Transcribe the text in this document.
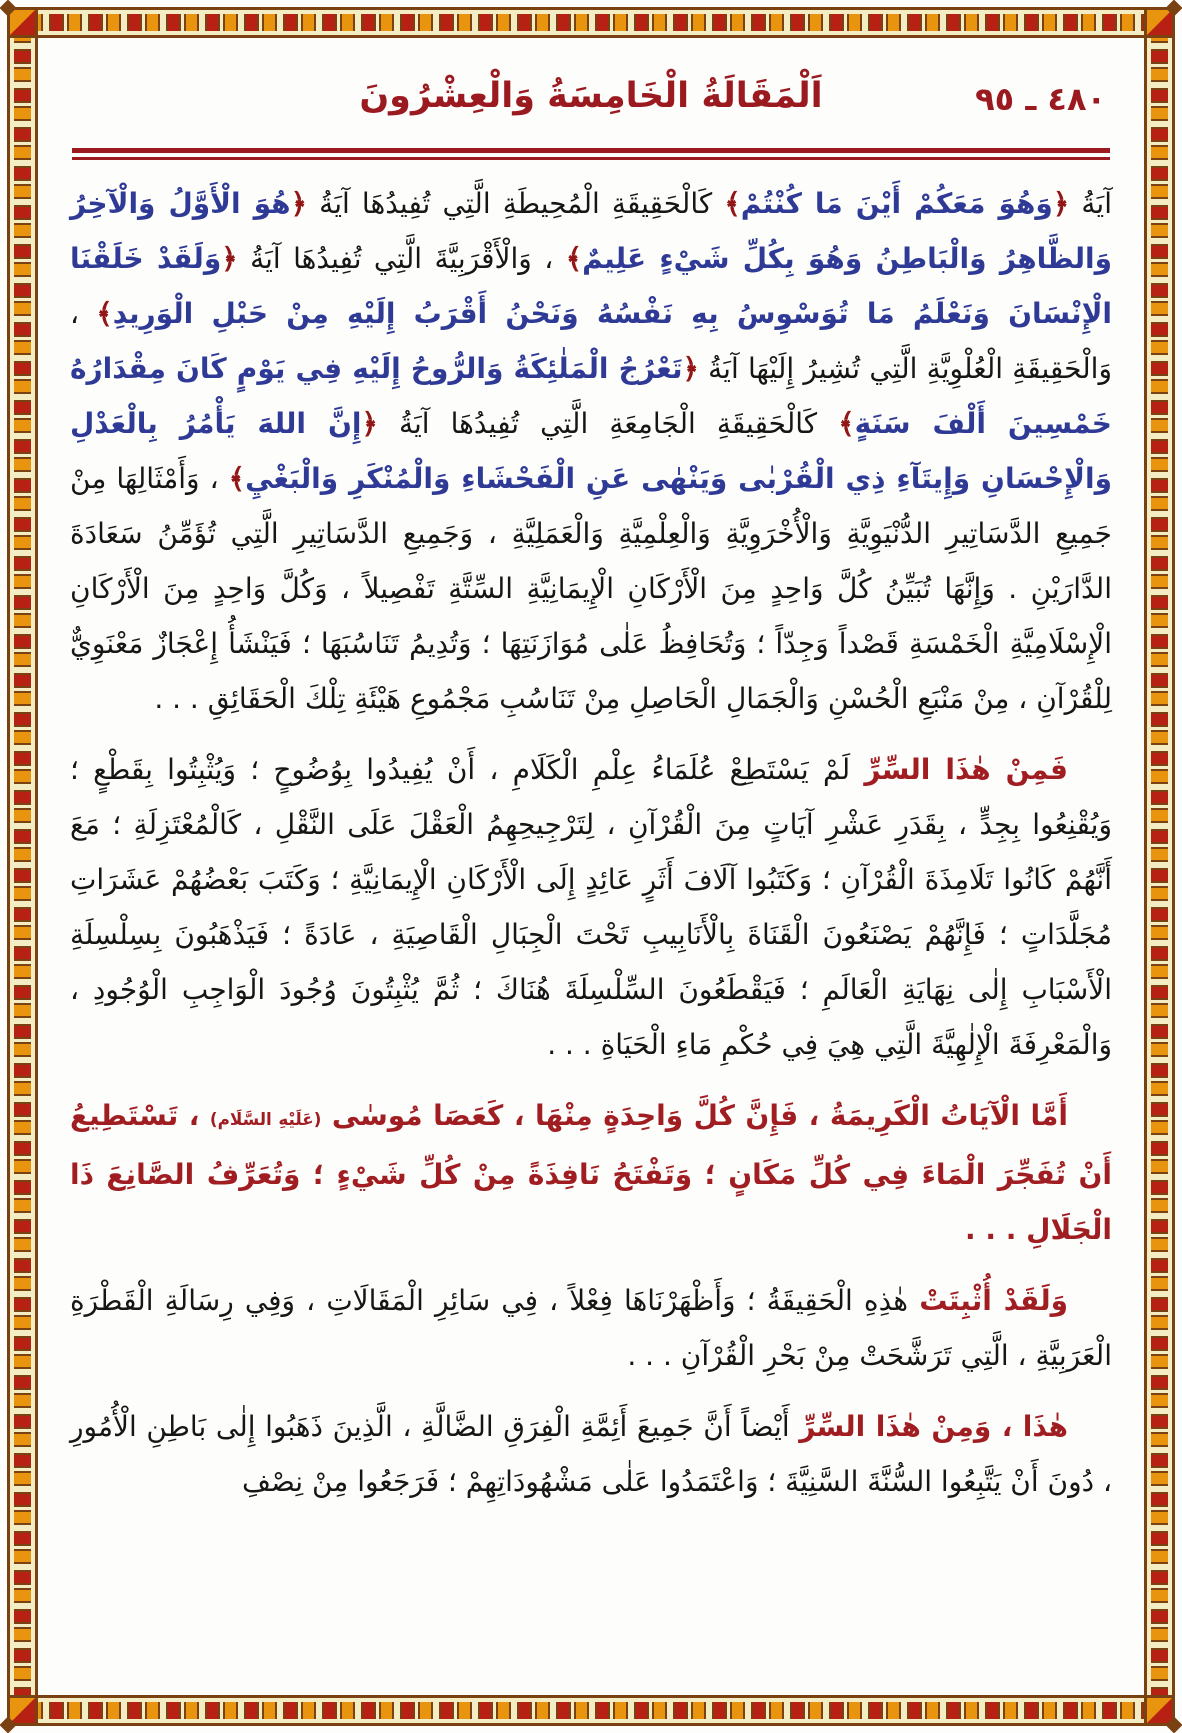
٤٨٠ ـ ٩٥
اَلْمَقَالَةُ الْخَامِسَةُ وَالْعِشْرُونَ

آيَةُ ﴿وَهُوَ مَعَكُمْ أَيْنَ مَا كُنْتُمْ﴾ كَالْحَقِيقَةِ الْمُحِيطَةِ الَّتِي تُفِيدُهَا آيَةُ ﴿هُوَ الْأَوَّلُ وَالْآخِرُ وَالظَّاهِرُ وَالْبَاطِنُ وَهُوَ بِكُلِّ شَيْءٍ عَلِيمٌ﴾ ، وَالْأَقْرَبِيَّةَ الَّتِي تُفِيدُهَا آيَةُ ﴿وَلَقَدْ خَلَقْنَا الْإِنْسَانَ وَنَعْلَمُ مَا تُوَسْوِسُ بِهِ نَفْسُهُ وَنَحْنُ أَقْرَبُ إِلَيْهِ مِنْ حَبْلِ الْوَرِيدِ﴾ ، وَالْحَقِيقَةِ الْعُلْوِيَّةِ الَّتِي تُشِيرُ إِلَيْهَا آيَةُ ﴿تَعْرُجُ الْمَلٰئِكَةُ وَالرُّوحُ إِلَيْهِ فِي يَوْمٍ كَانَ مِقْدَارُهُ خَمْسِينَ أَلْفَ سَنَةٍ﴾ كَالْحَقِيقَةِ الْجَامِعَةِ الَّتِي تُفِيدُهَا آيَةُ ﴿إِنَّ اللهَ يَأْمُرُ بِالْعَدْلِ وَالْإِحْسَانِ وَإِيتَآءِ ذِي الْقُرْبٰى وَيَنْهٰى عَنِ الْفَحْشَاءِ وَالْمُنْكَرِ وَالْبَغْيِ﴾ ، وَأَمْثَالِهَا مِنْ جَمِيعِ الدَّسَاتِيرِ الدُّنْيَوِيَّةِ وَالْأُخْرَوِيَّةِ وَالْعِلْمِيَّةِ وَالْعَمَلِيَّةِ ، وَجَمِيعِ الدَّسَاتِيرِ الَّتِي تُؤَمِّنُ سَعَادَةَ الدَّارَيْنِ . وَإِنَّهَا تُبَيِّنُ كُلَّ وَاحِدٍ مِنَ الْأَرْكَانِ الْإِيمَانِيَّةِ السِّتَّةِ تَفْصِيلاً ، وَكُلَّ وَاحِدٍ مِنَ الْأَرْكَانِ الْإِسْلَامِيَّةِ الْخَمْسَةِ قَصْداً وَجِدّاً ؛ وَتُحَافِظُ عَلٰى مُوَازَنَتِهَا ؛ وَتُدِيمُ تَنَاسُبَهَا ؛ فَيَنْشَأُ إِعْجَازٌ مَعْنَوِيٌّ لِلْقُرْآنِ ، مِنْ مَنْبَعِ الْحُسْنِ وَالْجَمَالِ الْحَاصِلِ مِنْ تَنَاسُبِ مَجْمُوعِ هَيْئَةِ تِلْكَ الْحَقَائِقِ . . .

فَمِنْ هٰذَا السِّرِّ لَمْ يَسْتَطِعْ عُلَمَاءُ عِلْمِ الْكَلَامِ ، أَنْ يُفِيدُوا بِوُضُوحٍ ؛ وَيُثْبِتُوا بِقَطْعٍ ؛ وَيُقْنِعُوا بِجِدٍّ ، بِقَدَرِ عَشْرِ آيَاتٍ مِنَ الْقُرْآنِ ، لِتَرْجِيحِهِمُ الْعَقْلَ عَلَى النَّقْلِ ، كَالْمُعْتَزِلَةِ ؛ مَعَ أَنَّهُمْ كَانُوا تَلَامِذَةَ الْقُرْآنِ ؛ وَكَتَبُوا آلَافَ أَثَرٍ عَائِدٍ إِلَى الْأَرْكَانِ الْإِيمَانِيَّةِ ؛ وَكَتَبَ بَعْضُهُمْ عَشَرَاتِ مُجَلَّدَاتٍ ؛ فَإِنَّهُمْ يَصْنَعُونَ الْقَنَاةَ بِالْأَنَابِيبِ تَحْتَ الْجِبَالِ الْقَاصِيَةِ ، عَادَةً ؛ فَيَذْهَبُونَ بِسِلْسِلَةِ الْأَسْبَابِ إِلٰى نِهَايَةِ الْعَالَمِ ؛ فَيَقْطَعُونَ السِّلْسِلَةَ هُنَاكَ ؛ ثُمَّ يُثْبِتُونَ وُجُودَ الْوَاجِبِ الْوُجُودِ ، وَالْمَعْرِفَةَ الْإِلٰهِيَّةَ الَّتِي هِيَ فِي حُكْمِ مَاءِ الْحَيَاةِ . . .

أَمَّا الْآيَاتُ الْكَرِيمَةُ ، فَإِنَّ كُلَّ وَاحِدَةٍ مِنْهَا ، كَعَصَا مُوسٰى (عَلَيْهِ السَّلَام) ، تَسْتَطِيعُ أَنْ تُفَجِّرَ الْمَاءَ فِي كُلِّ مَكَانٍ ؛ وَتَفْتَحُ نَافِذَةً مِنْ كُلِّ شَيْءٍ ؛ وَتُعَرِّفُ الصَّانِعَ ذَا الْجَلَالِ . . .

وَلَقَدْ أُثْبِتَتْ هٰذِهِ الْحَقِيقَةُ ؛ وَأَظْهَرْنَاهَا فِعْلاً ، فِي سَائِرِ الْمَقَالَاتِ ، وَفِي رِسَالَةِ الْقَطْرَةِ الْعَرَبِيَّةِ ، الَّتِي تَرَشَّحَتْ مِنْ بَحْرِ الْقُرْآنِ . . .

هٰذَا ، وَمِنْ هٰذَا السِّرِّ أَيْضاً أَنَّ جَمِيعَ أَئِمَّةِ الْفِرَقِ الضَّالَّةِ ، الَّذِينَ ذَهَبُوا إِلٰى بَاطِنِ الْأُمُورِ ، دُونَ أَنْ يَتَّبِعُوا السُّنَّةَ السَّنِيَّةَ ؛ وَاعْتَمَدُوا عَلٰى مَشْهُودَاتِهِمْ ؛ فَرَجَعُوا مِنْ نِصْفِ
